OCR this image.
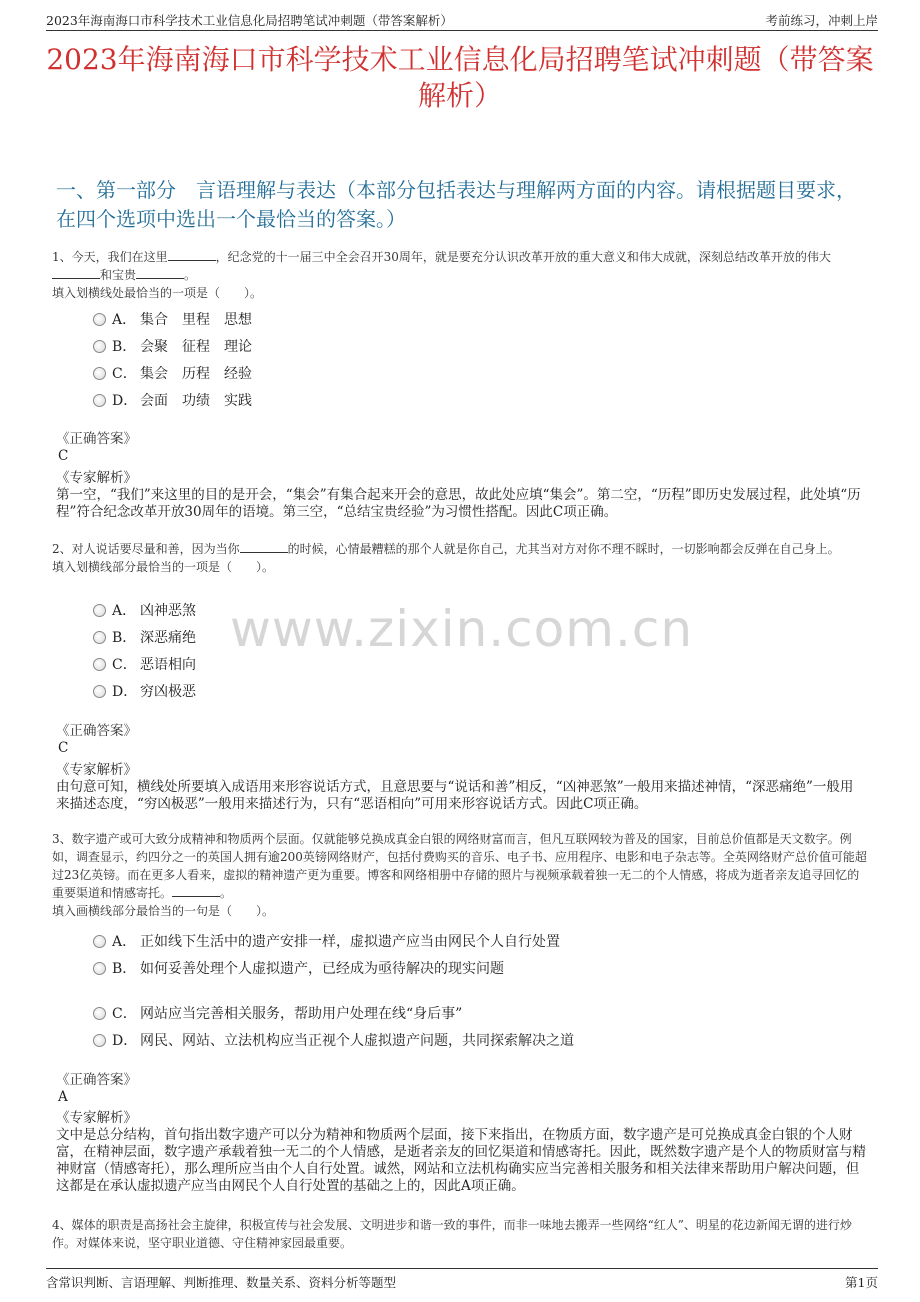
2023年海南海口市科学技术工业信息化局招聘笔试冲刺题（带答案解析）	考前练习，冲刺上岸
2023年海南海口市科学技术工业信息化局招聘笔试冲刺题（带答案解析）
一、第一部分　言语理解与表达（本部分包括表达与理解两方面的内容。请根据题目要求，在四个选项中选出一个最恰当的答案。）
www.zixin.com.cn

1、今天，我们在这里	，纪念党的十一届三中全会召开30周年，就是要充分认识改革开放的重大意义和伟大成就，深刻总结改革开放的伟大和宝贵	。

填入划横线处最恰当的一项是（　　）。

A． 集合　里程　思想
B． 会聚　征程　理论
C． 集会　历程　经验
D． 会面　功绩　实践
《正确答案》
C
《专家解析》
第一空，“我们”来这里的目的是开会，“集会”有集合起来开会的意思，故此处应填“集会”。第二空，“历程”即历史发展过程，此处填“历程”符合纪念改革开放30周年的语境。第三空，“总结宝贵经验”为习惯性搭配。因此C项正确。

2、对人说话要尽量和善，因为当你	的时候，心情最糟糕的那个人就是你自己，尤其当对方对你不理不睬时，一切影响都会反弹在自己身上。

填入划横线部分最恰当的一项是（　　）。

A． 凶神恶煞
B． 深恶痛绝
C． 恶语相向
D． 穷凶极恶
《正确答案》
C
《专家解析》
由句意可知，横线处所要填入成语用来形容说话方式，且意思要与“说话和善”相反，“凶神恶煞”一般用来描述神情，“深恶痛绝”一般用来描述态度，“穷凶极恶”一般用来描述行为，只有“恶语相向”可用来形容说话方式。因此C项正确。

3、数字遗产或可大致分成精神和物质两个层面。仅就能够兑换成真金白银的网络财富而言，但凡互联网较为普及的国家，目前总价值都是天文数字。例如，调查显示，约四分之一的英国人拥有逾200英镑网络财产，包括付费购买的音乐、电子书、应用程序、电影和电子杂志等。全英网络财产总价值可能超过23亿英镑。而在更多人看来，虚拟的精神遗产更为重要。博客和网络相册中存储的照片与视频承载着独一无二的个人情感，将成为逝者亲友追寻回忆的重要渠道和情感寄托。	。

填入画横线部分最恰当的一句是（　　）。

A． 正如线下生活中的遗产安排一样，虚拟遗产应当由网民个人自行处置
B． 如何妥善处理个人虚拟遗产，已经成为亟待解决的现实问题
C． 网站应当完善相关服务，帮助用户处理在线“身后事”
D． 网民、网站、立法机构应当正视个人虚拟遗产问题，共同探索解决之道
《正确答案》
A
《专家解析》
文中是总分结构，首句指出数字遗产可以分为精神和物质两个层面，接下来指出，在物质方面，数字遗产是可兑换成真金白银的个人财富，在精神层面，数字遗产承载着独一无二的个人情感，是逝者亲友的回忆渠道和情感寄托。因此，既然数字遗产是个人的物质财富与精神财富（情感寄托），那么理所应当由个人自行处置。诚然，网站和立法机构确实应当完善相关服务和相关法律来帮助用户解决问题，但这都是在承认虚拟遗产应当由网民个人自行处置的基础之上的，因此A项正确。

4、媒体的职责是高扬社会主旋律，积极宣传与社会发展、文明进步和谐一致的事件，而非一味地去搬弄一些网络“红人”、明星的花边新闻无谓的进行炒作。对媒体来说，坚守职业道德、守住精神家园最重要。

含常识判断、言语理解、判断推理、数量关系、资料分析等题型	第1页
